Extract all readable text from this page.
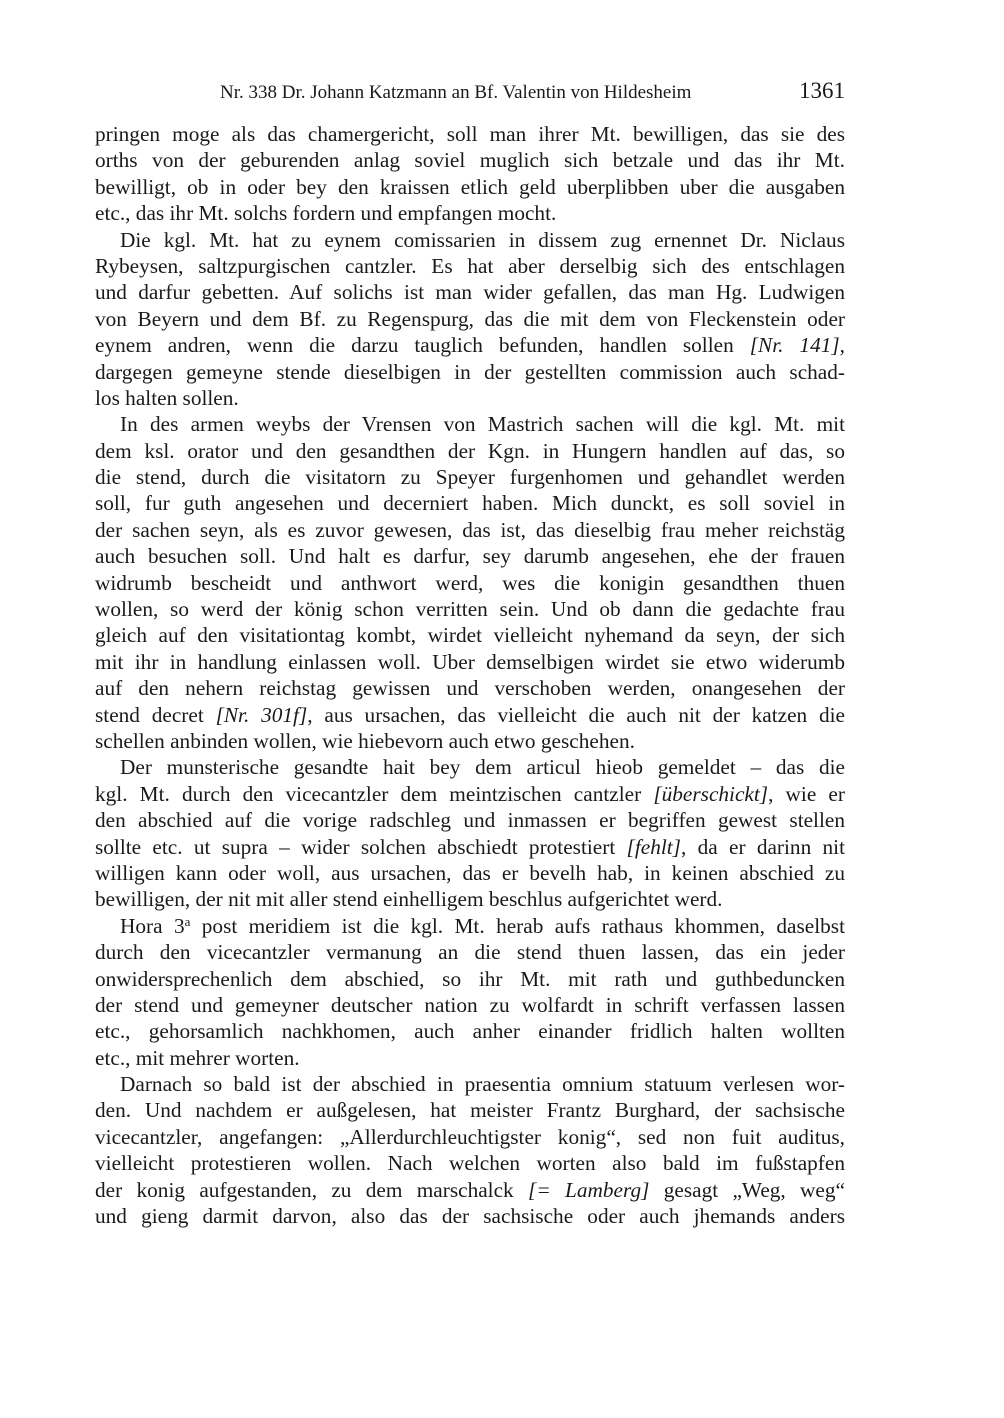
Nr. 338 Dr. Johann Katzmann an Bf. Valentin von Hildesheim	1361
pringen moge als das chamergericht, soll man ihrer Mt. bewilligen, das sie des
orths von der geburenden anlag soviel muglich sich betzale und das ihr Mt.
bewilligt, ob in oder bey den kraissen etlich geld uberplibben uber die ausgaben
etc., das ihr Mt. solchs fordern und empfangen mocht.
Die kgl. Mt. hat zu eynem comissarien in dissem zug ernennet Dr. Niclaus
Rybeysen, saltzpurgischen cantzler. Es hat aber derselbig sich des entschlagen
und darfur gebetten. Auf solichs ist man wider gefallen, das man Hg. Ludwigen
von Beyern und dem Bf. zu Regenspurg, das die mit dem von Fleckenstein oder
eynem andren, wenn die darzu tauglich befunden, handlen sollen [Nr. 141],
dargegen gemeyne stende dieselbigen in der gestellten commission auch schad-
los halten sollen.
In des armen weybs der Vrensen von Mastrich sachen will die kgl. Mt. mit
dem ksl. orator und den gesandthen der Kgn. in Hungern handlen auf das, so
die stend, durch die visitatorn zu Speyer furgenhomen und gehandlet werden
soll, fur guth angesehen und decerniert haben. Mich dunckt, es soll soviel in
der sachen seyn, als es zuvor gewesen, das ist, das dieselbig frau meher reichstäg
auch besuchen soll. Und halt es darfur, sey darumb angesehen, ehe der frauen
widrumb bescheidt und anthwort werd, wes die konigin gesandthen thuen
wollen, so werd der könig schon verritten sein. Und ob dann die gedachte frau
gleich auf den visitationtag kombt, wirdet vielleicht nyhemand da seyn, der sich
mit ihr in handlung einlassen woll. Uber demselbigen wirdet sie etwo widerumb
auf den nehern reichstag gewissen und verschoben werden, onangesehen der
stend decret [Nr. 301f], aus ursachen, das vielleicht die auch nit der katzen die
schellen anbinden wollen, wie hiebevorn auch etwo geschehen.
Der munsterische gesandte hait bey dem articul hieob gemeldet – das die
kgl. Mt. durch den vicecantzler dem meintzischen cantzler [überschickt], wie er
den abschied auf die vorige radschleg und inmassen er begriffen gewest stellen
sollte etc. ut supra – wider solchen abschiedt protestiert [fehlt], da er darinn nit
willigen kann oder woll, aus ursachen, das er bevelh hab, in keinen abschied zu
bewilligen, der nit mit aller stend einhelligem beschlus aufgerichtet werd.
Hora 3$^a$ post meridiem ist die kgl. Mt. herab aufs rathaus khommen, daselbst
durch den vicecantzler vermanung an die stend thuen lassen, das ein jeder
onwidersprechenlich dem abschied, so ihr Mt. mit rath und guthbeduncken
der stend und gemeyner deutscher nation zu wolfardt in schrift verfassen lassen
etc., gehorsamlich nachkhomen, auch anher einander fridlich halten wollten
etc., mit mehrer worten.
Darnach so bald ist der abschied in praesentia omnium statuum verlesen wor-
den. Und nachdem er außgelesen, hat meister Frantz Burghard, der sachsische
vicecantzler, angefangen: „Allerdurchleuchtigster konig“, sed non fuit auditus,
vielleicht protestieren wollen. Nach welchen worten also bald im fußstapfen
der konig aufgestanden, zu dem marschalck [= Lamberg] gesagt „Weg, weg“
und gieng darmit darvon, also das der sachsische oder auch jhemands anders
